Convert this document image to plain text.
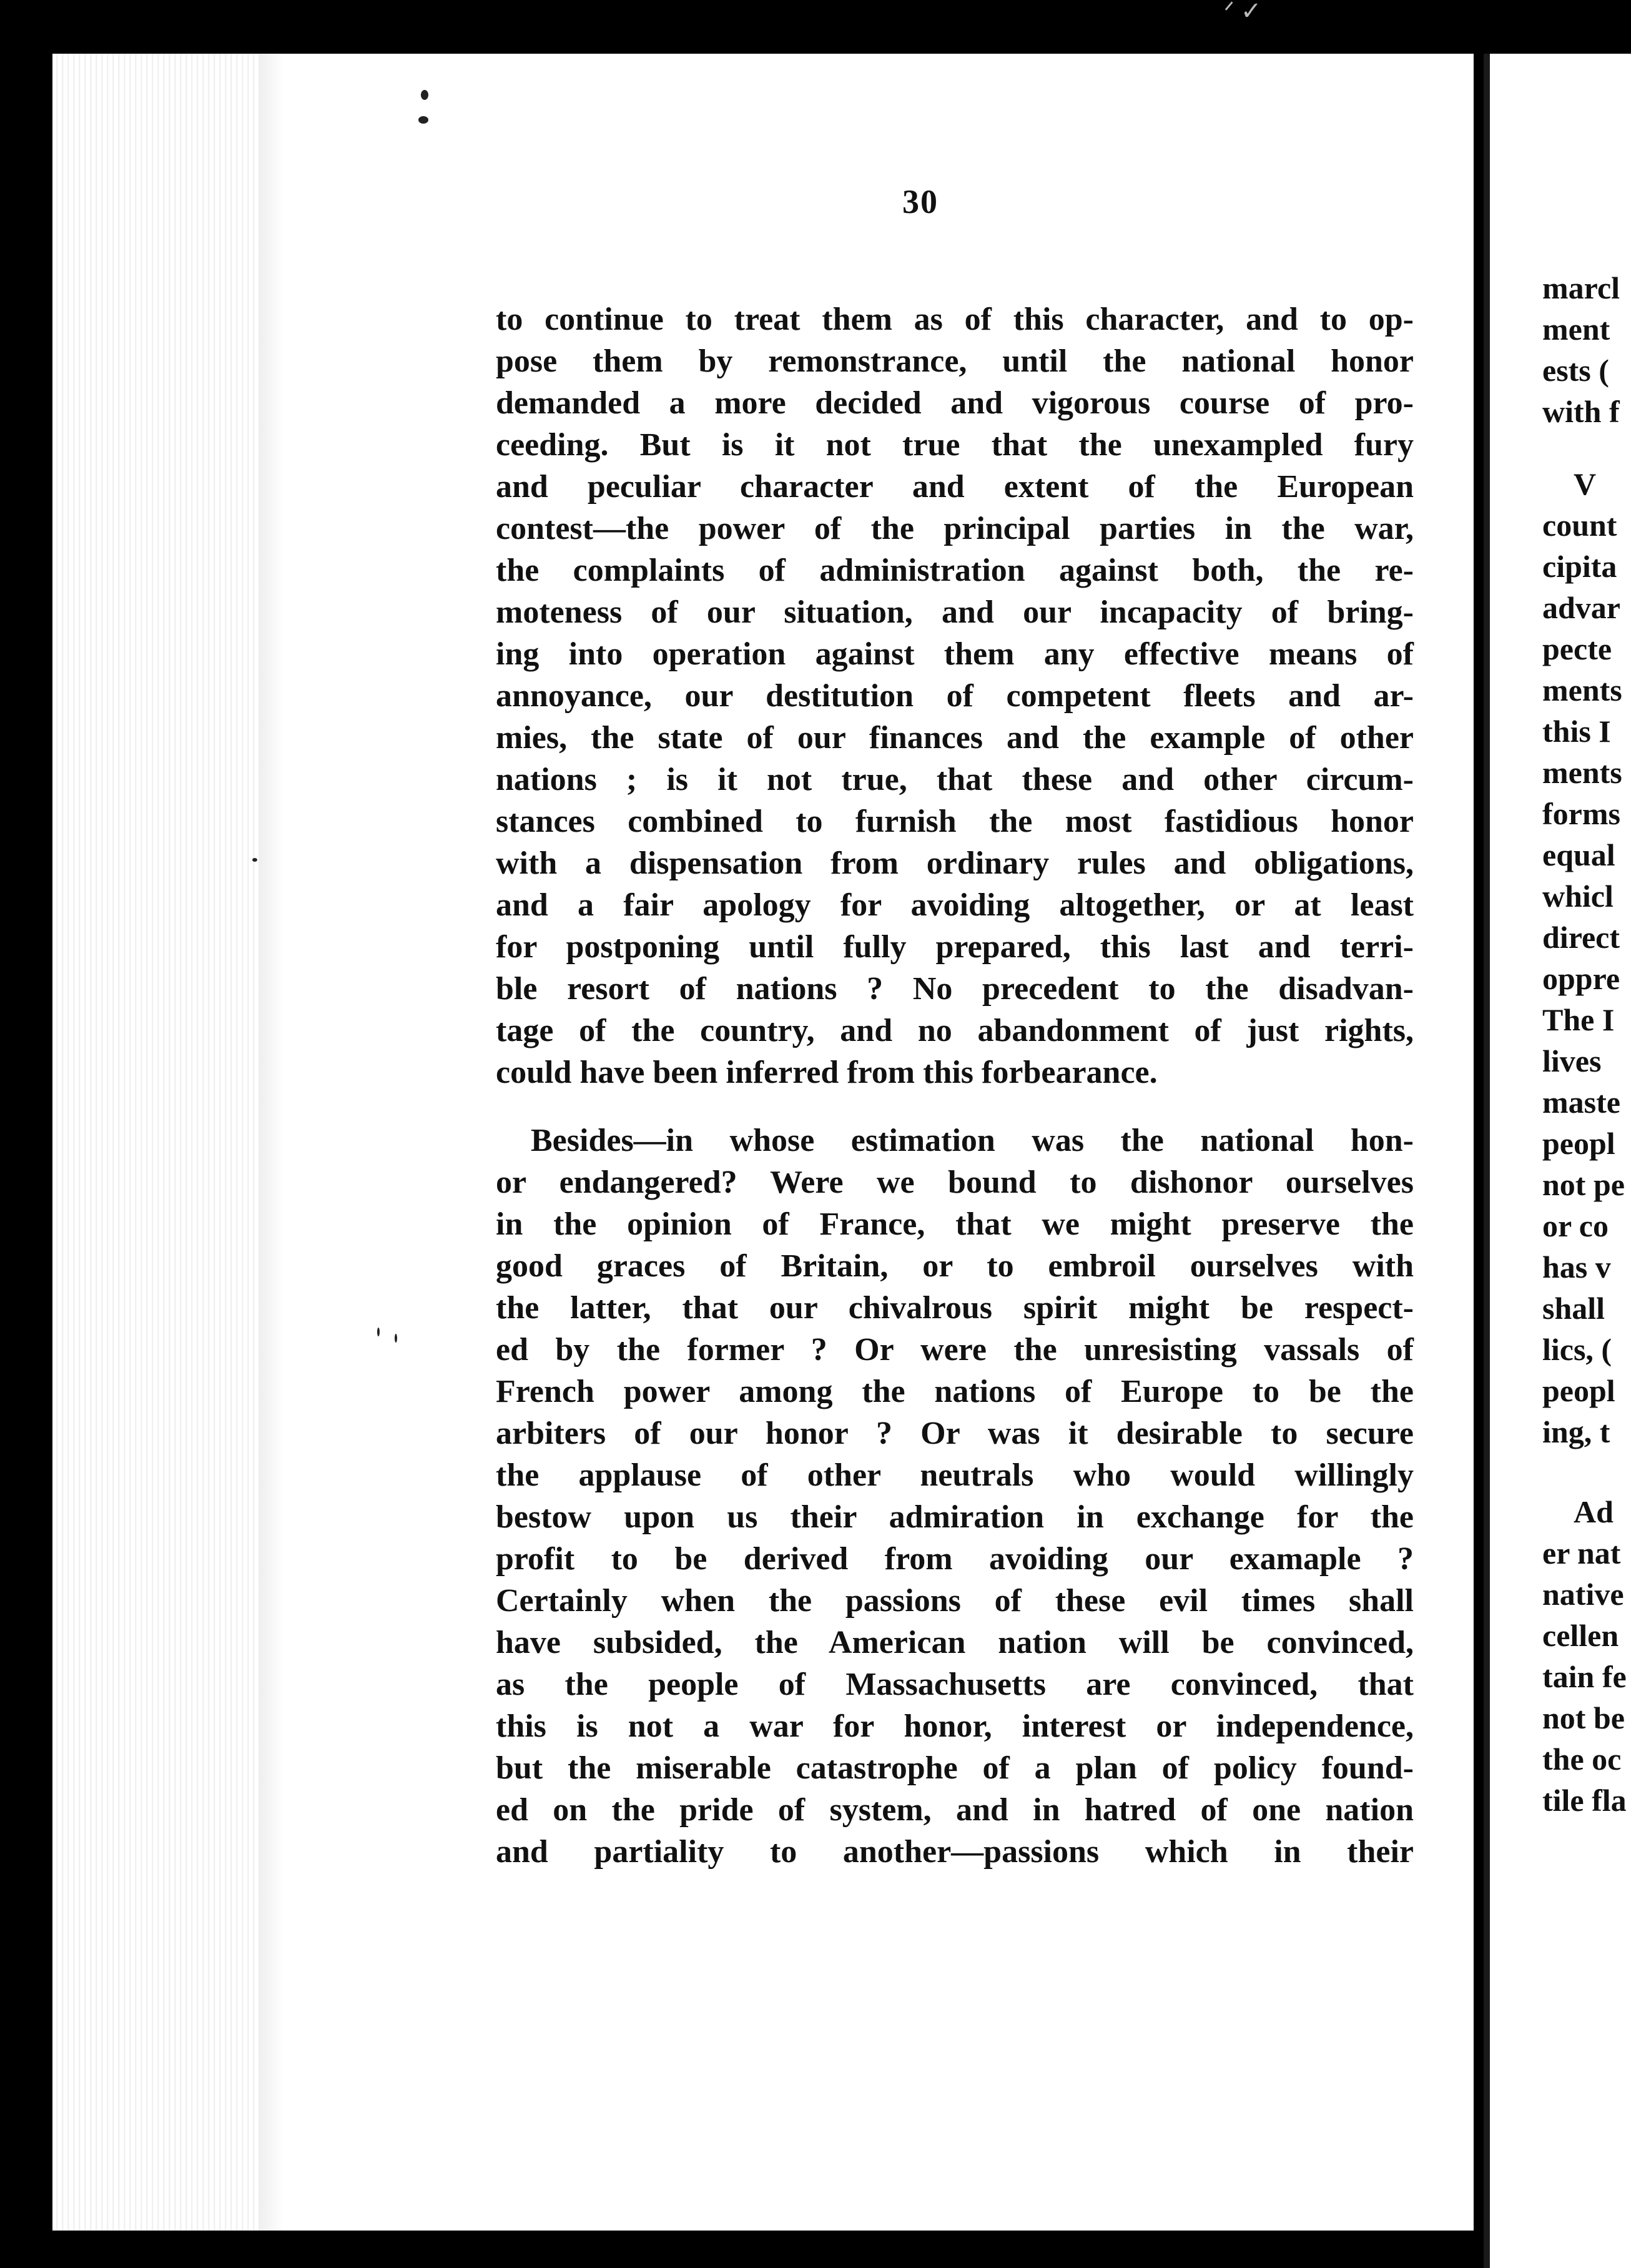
ᐟ ✓
30
to continue to treat them as of this character, and to op-
pose them by remonstrance, until the national honor
demanded a more decided and vigorous course of pro-
ceeding. But is it not true that the unexampled fury
and peculiar character and extent of the European
contest—the power of the principal parties in the war,
the complaints of administration against both, the re-
moteness of our situation, and our incapacity of bring-
ing into operation against them any effective means of
annoyance, our destitution of competent fleets and ar-
mies, the state of our finances and the example of other
nations ; is it not true, that these and other circum-
stances combined to furnish the most fastidious honor
with a dispensation from ordinary rules and obligations,
and a fair apology for avoiding altogether, or at least
for postponing until fully prepared, this last and terri-
ble resort of nations ? No precedent to the disadvan-
tage of the country, and no abandonment of just rights,
could have been inferred from this forbearance.
Besides—in whose estimation was the national hon-
or endangered? Were we bound to dishonor ourselves
in the opinion of France, that we might preserve the
good graces of Britain, or to embroil ourselves with
the latter, that our chivalrous spirit might be respect-
ed by the former ? Or were the unresisting vassals of
French power among the nations of Europe to be the
arbiters of our honor ? Or was it desirable to secure
the applause of other neutrals who would willingly
bestow upon us their admiration in exchange for the
profit to be derived from avoiding our examaple ?
Certainly when the passions of these evil times shall
have subsided, the American nation will be convinced,
as the people of Massachusetts are convinced, that
this is not a war for honor, interest or independence,
but the miserable catastrophe of a plan of policy found-
ed on the pride of system, and in hatred of one nation
and partiality to another—passions which in their
marcl
ment
ests (
with f
V
count
cipita
advar
pecte
ments
this I
ments
forms
equal
whicl
direct
oppre
The I
lives
maste
peopl
not pe
or co
has v
shall
lics, (
peopl
ing, t
Ad
er nat
native
cellen
tain fe
not be
the oc
tile fla
